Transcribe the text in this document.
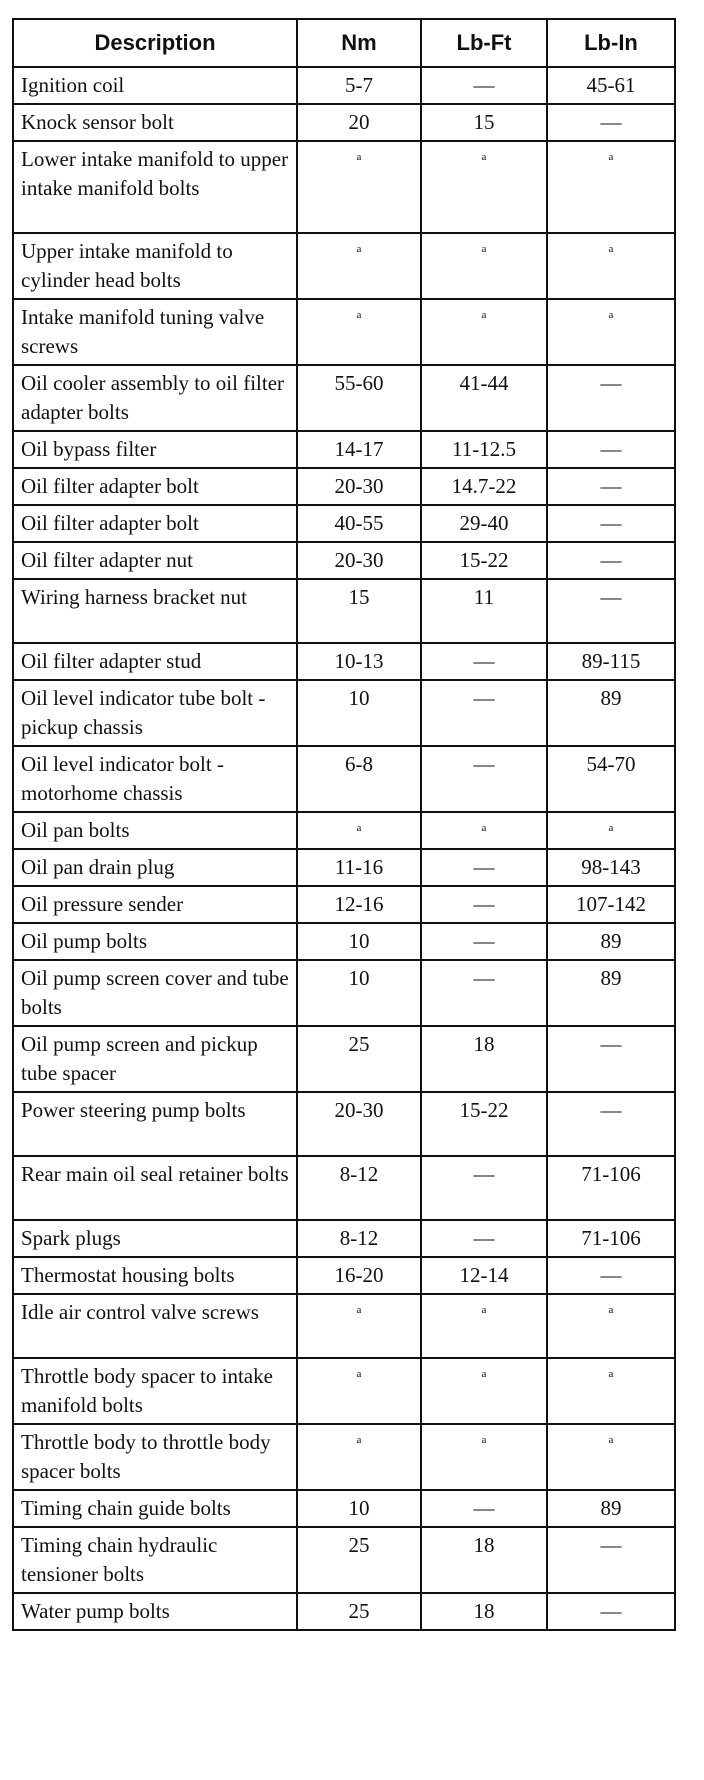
Description	Nm	Lb-Ft	Lb-In
Ignition coil	5-7	—	45-61
Knock sensor bolt	20	15	—
Lower intake manifold to upper intake manifold bolts	a	a	a
Upper intake manifold to cylinder head bolts	a	a	a
Intake manifold tuning valve screws	a	a	a
Oil cooler assembly to oil filter adapter bolts	55-60	41-44	—
Oil bypass filter	14-17	11-12.5	—
Oil filter adapter bolt	20-30	14.7-22	—
Oil filter adapter bolt	40-55	29-40	—
Oil filter adapter nut	20-30	15-22	—
Wiring harness bracket nut	15	11	—
Oil filter adapter stud	10-13	—	89-115
Oil level indicator tube bolt - pickup chassis	10	—	89
Oil level indicator bolt - motorhome chassis	6-8	—	54-70
Oil pan bolts	a	a	a
Oil pan drain plug	11-16	—	98-143
Oil pressure sender	12-16	—	107-142
Oil pump bolts	10	—	89
Oil pump screen cover and tube bolts	10	—	89
Oil pump screen and pickup tube spacer	25	18	—
Power steering pump bolts	20-30	15-22	—
Rear main oil seal retainer bolts	8-12	—	71-106
Spark plugs	8-12	—	71-106
Thermostat housing bolts	16-20	12-14	—
Idle air control valve screws	a	a	a
Throttle body spacer to intake manifold bolts	a	a	a
Throttle body to throttle body spacer bolts	a	a	a
Timing chain guide bolts	10	—	89
Timing chain hydraulic tensioner bolts	25	18	—
Water pump bolts	25	18	—
